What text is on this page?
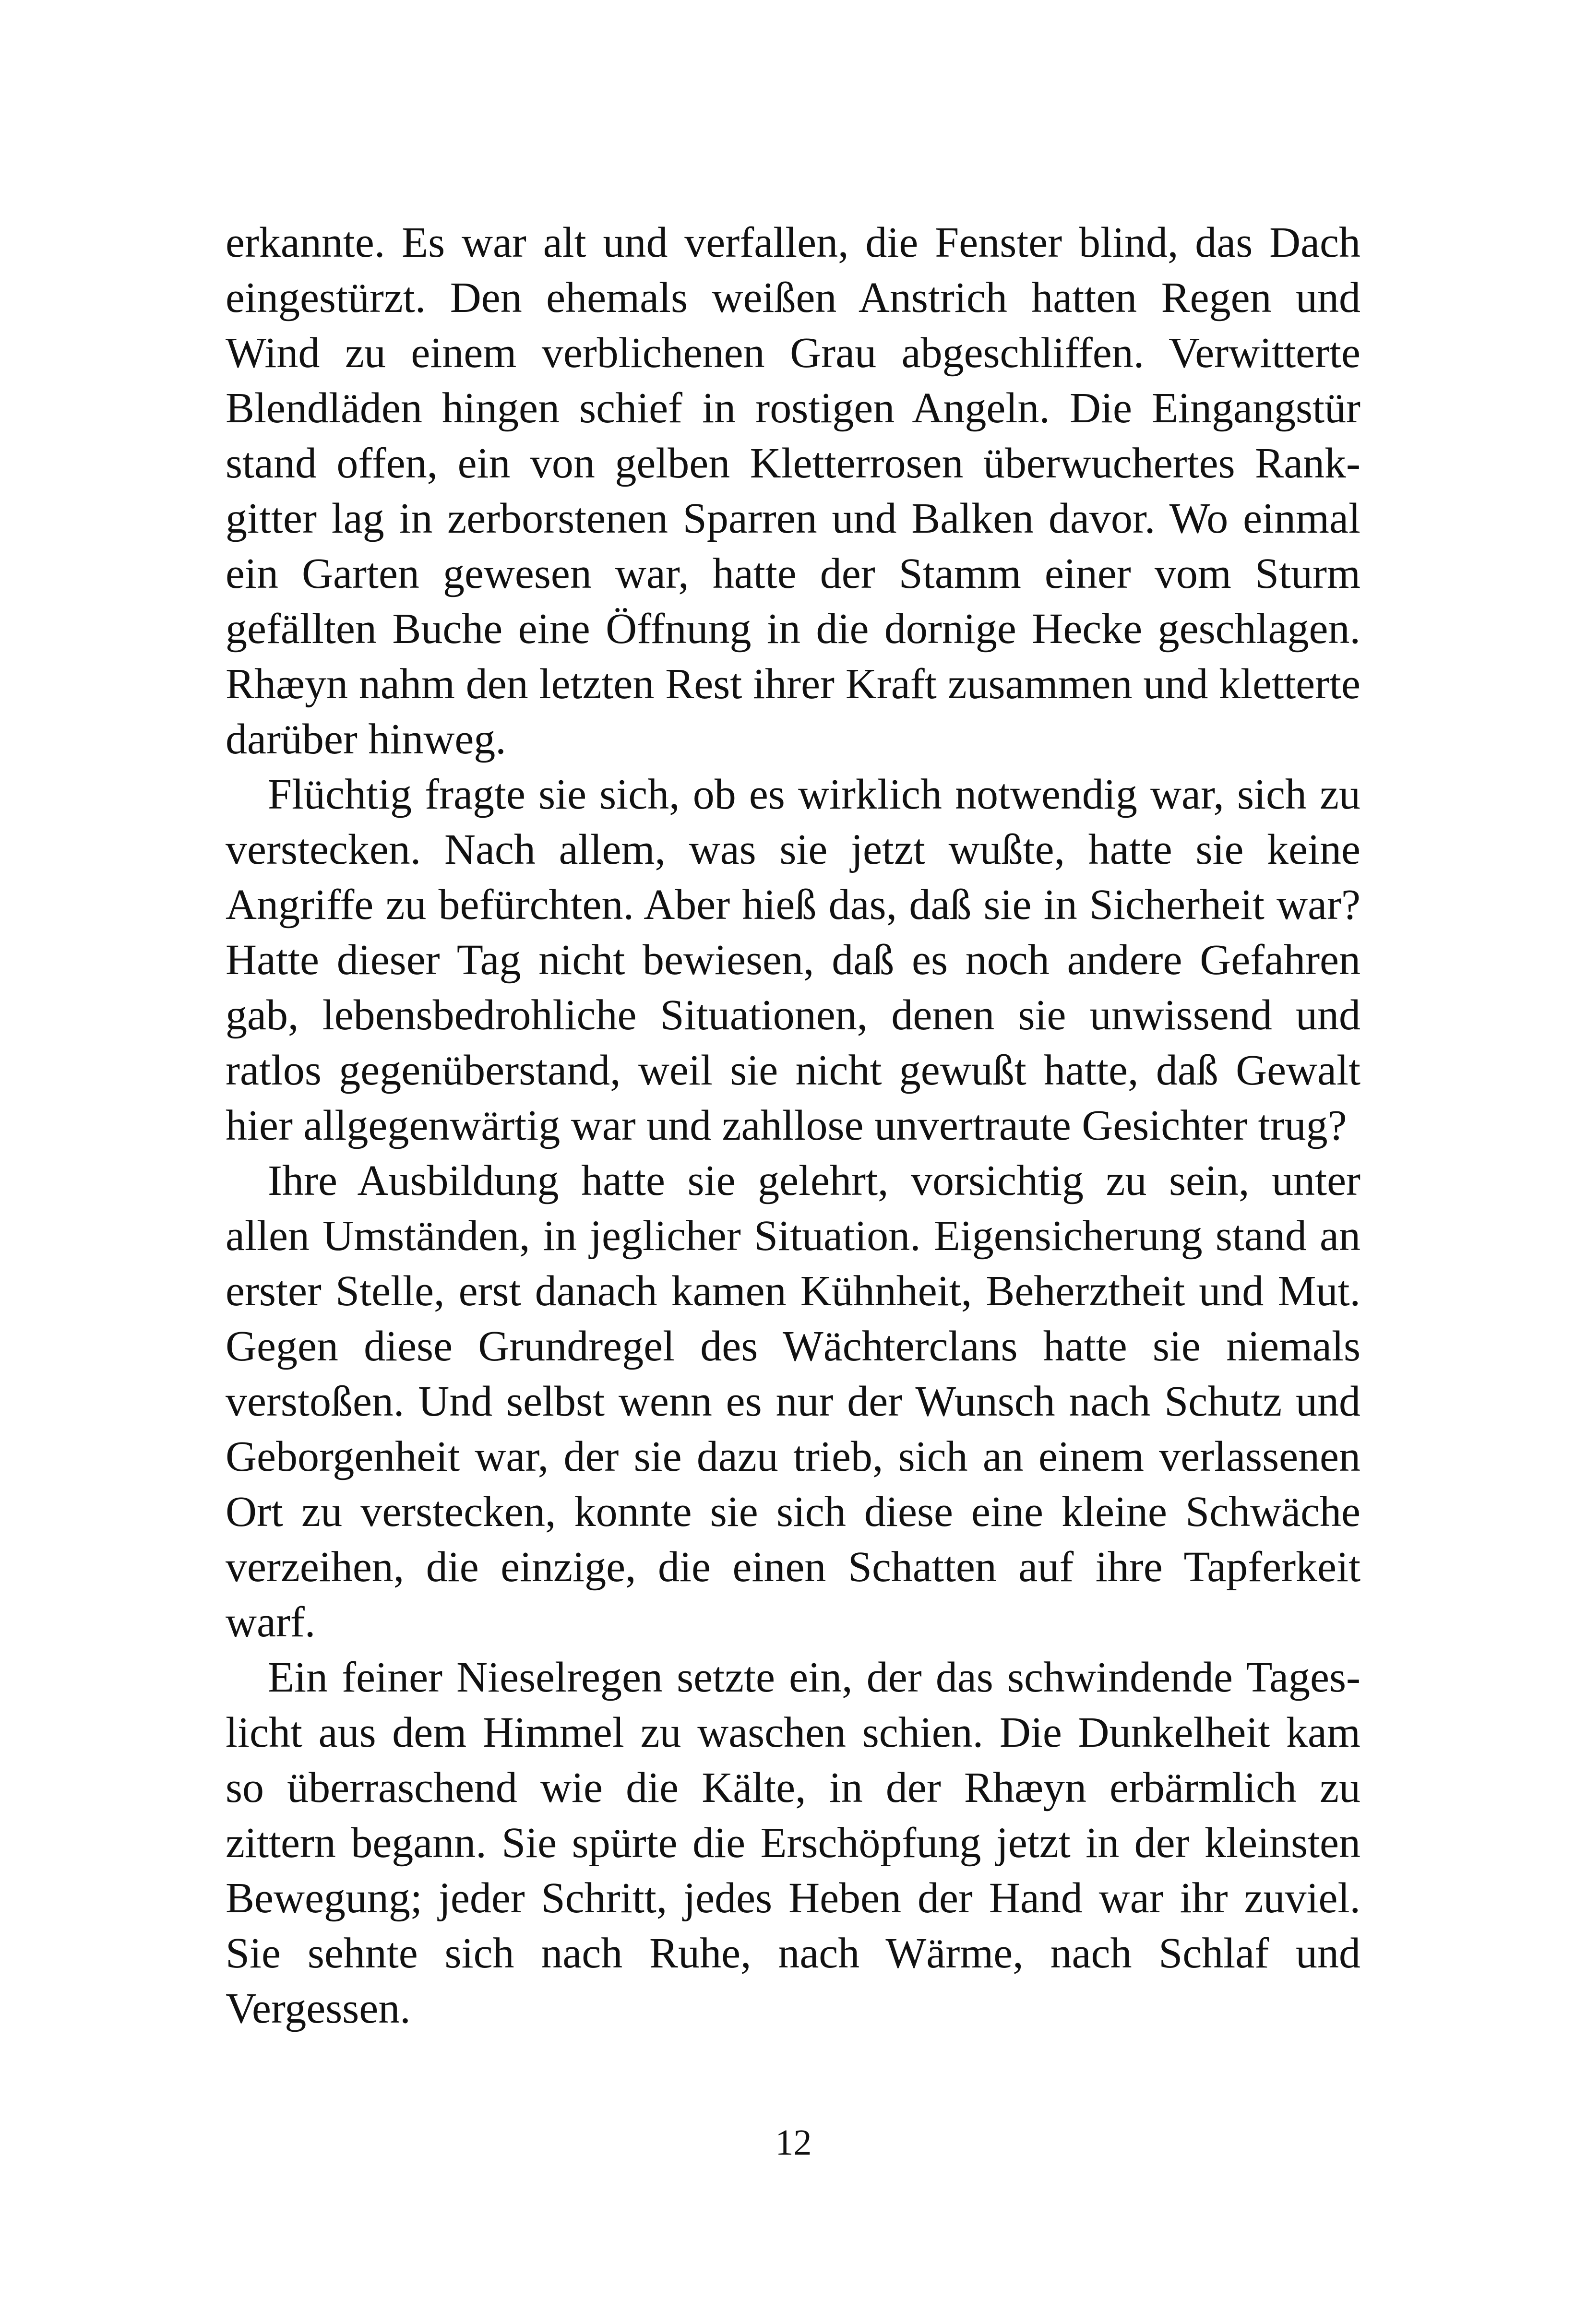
erkannte. Es war alt und verfallen, die Fenster blind, das Dach
eingestürzt. Den ehemals weißen Anstrich hatten Regen und
Wind zu einem verblichenen Grau abgeschliffen. Verwitterte
Blendläden hingen schief in rostigen Angeln. Die Eingangstür
stand offen, ein von gelben Kletterrosen überwuchertes Rank-
gitter lag in zerborstenen Sparren und Balken davor. Wo einmal
ein Garten gewesen war, hatte der Stamm einer vom Sturm
gefällten Buche eine Öffnung in die dornige Hecke geschlagen.
Rhæyn nahm den letzten Rest ihrer Kraft zusammen und kletterte
darüber hinweg.

Flüchtig fragte sie sich, ob es wirklich notwendig war, sich zu
verstecken. Nach allem, was sie jetzt wußte, hatte sie keine
Angriffe zu befürchten. Aber hieß das, daß sie in Sicherheit war?
Hatte dieser Tag nicht bewiesen, daß es noch andere Gefahren
gab, lebensbedrohliche Situationen, denen sie unwissend und
ratlos gegenüberstand, weil sie nicht gewußt hatte, daß Gewalt
hier allgegenwärtig war und zahllose unvertraute Gesichter trug?

Ihre Ausbildung hatte sie gelehrt, vorsichtig zu sein, unter
allen Umständen, in jeglicher Situation. Eigensicherung stand an
erster Stelle, erst danach kamen Kühnheit, Beherztheit und Mut.
Gegen diese Grundregel des Wächterclans hatte sie niemals
verstoßen. Und selbst wenn es nur der Wunsch nach Schutz und
Geborgenheit war, der sie dazu trieb, sich an einem verlassenen
Ort zu verstecken, konnte sie sich diese eine kleine Schwäche
verzeihen, die einzige, die einen Schatten auf ihre Tapferkeit
warf.

Ein feiner Nieselregen setzte ein, der das schwindende Tages-
licht aus dem Himmel zu waschen schien. Die Dunkelheit kam
so überraschend wie die Kälte, in der Rhæyn erbärmlich zu
zittern begann. Sie spürte die Erschöpfung jetzt in der kleinsten
Bewegung; jeder Schritt, jedes Heben der Hand war ihr zuviel.
Sie sehnte sich nach Ruhe, nach Wärme, nach Schlaf und
Vergessen.

12
